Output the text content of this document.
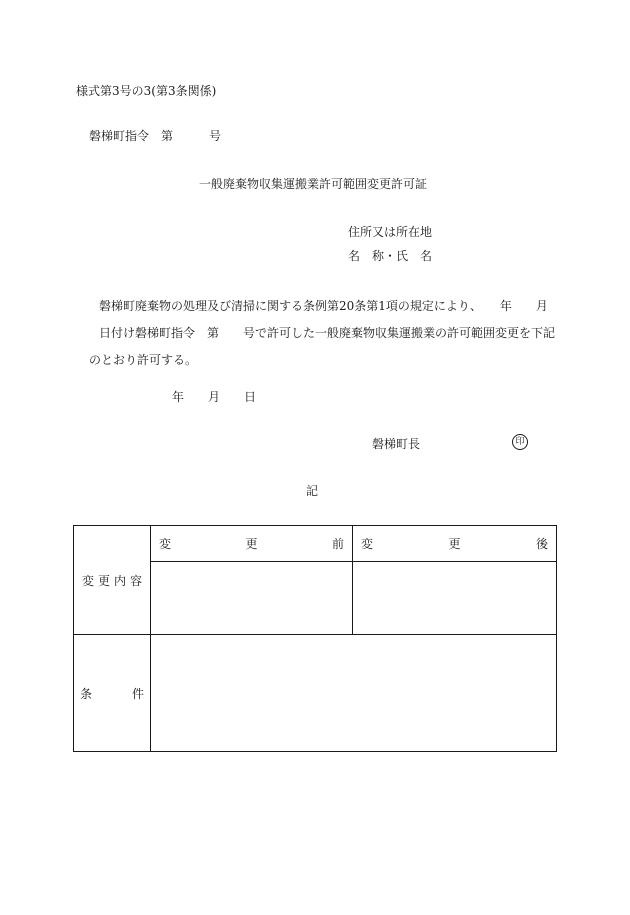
様式第3号の3(第3条関係)
磐梯町指令 第	号
一般廃棄物収集運搬業許可範囲変更許可証
住所又は所在地
名　称・氏　名
磐梯町廃棄物の処理及び清掃に関する条例第20条第1項の規定により、　　年　　月
日付け磐梯町指令　第　　号で許可した一般廃棄物収集運搬業の許可範囲変更を下記
のとおり許可する。
年　　月　　日
磐梯町長	印
記
変 更 内 容	変 更 前	変 更 後

条 件		
